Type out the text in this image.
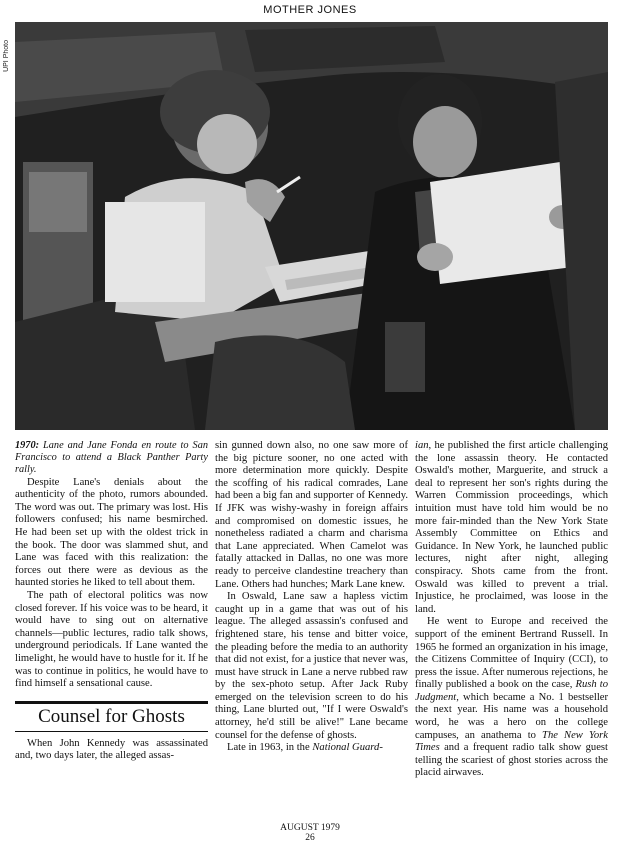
MOTHER JONES
UPI Photo

1970: Lane and Jane Fonda en route to San Francisco to attend a Black Panther Party rally.

Despite Lane's denials about the authenticity of the photo, rumors abounded. The word was out. The primary was lost. His followers confused; his name besmirched. He had been set up with the oldest trick in the book. The door was slammed shut, and Lane was faced with this realization: the forces out there were as devious as the haunted stories he liked to tell about them.

The path of electoral politics was now closed forever. If his voice was to be heard, it would have to sing out on alternative channels—public lectures, radio talk shows, underground periodicals. If Lane wanted the limelight, he would have to hustle for it. If he was to continue in politics, he would have to find himself a sensational cause.

Counsel for Ghosts

When John Kennedy was assassinated and, two days later, the alleged assas-

sin gunned down also, no one saw more of the big picture sooner, no one acted with more determination more quickly. Despite the scoffing of his radical comrades, Lane had been a big fan and supporter of Kennedy. If JFK was wishy-washy in foreign affairs and compromised on domestic issues, he nonetheless radiated a charm and charisma that Lane appreciated. When Camelot was fatally attacked in Dallas, no one was more ready to perceive clandestine treachery than Lane. Others had hunches; Mark Lane knew.

In Oswald, Lane saw a hapless victim caught up in a game that was out of his league. The alleged assassin's confused and frightened stare, his tense and bitter voice, the pleading before the media to an authority that did not exist, for a justice that never was, must have struck in Lane a nerve rubbed raw by the sex-photo setup. After Jack Ruby emerged on the television screen to do his thing, Lane blurted out, "If I were Oswald's attorney, he'd still be alive!" Lane became counsel for the defense of ghosts.

Late in 1963, in the National Guard-

ian, he published the first article challenging the lone assassin theory. He contacted Oswald's mother, Marguerite, and struck a deal to represent her son's rights during the Warren Commission proceedings, which intuition must have told him would be no more fair-minded than the New York State Assembly Committee on Ethics and Guidance. In New York, he launched public lectures, night after night, alleging conspiracy. Shots came from the front. Oswald was killed to prevent a trial. Injustice, he proclaimed, was loose in the land.

He went to Europe and received the support of the eminent Bertrand Russell. In 1965 he formed an organization in his image, the Citizens Committee of Inquiry (CCI), to press the issue. After numerous rejections, he finally published a book on the case, Rush to Judgment, which became a No. 1 bestseller the next year. His name was a household word, he was a hero on the college campuses, an anathema to The New York Times and a frequent radio talk show guest telling the scariest of ghost stories across the placid airwaves.

AUGUST 1979
26
